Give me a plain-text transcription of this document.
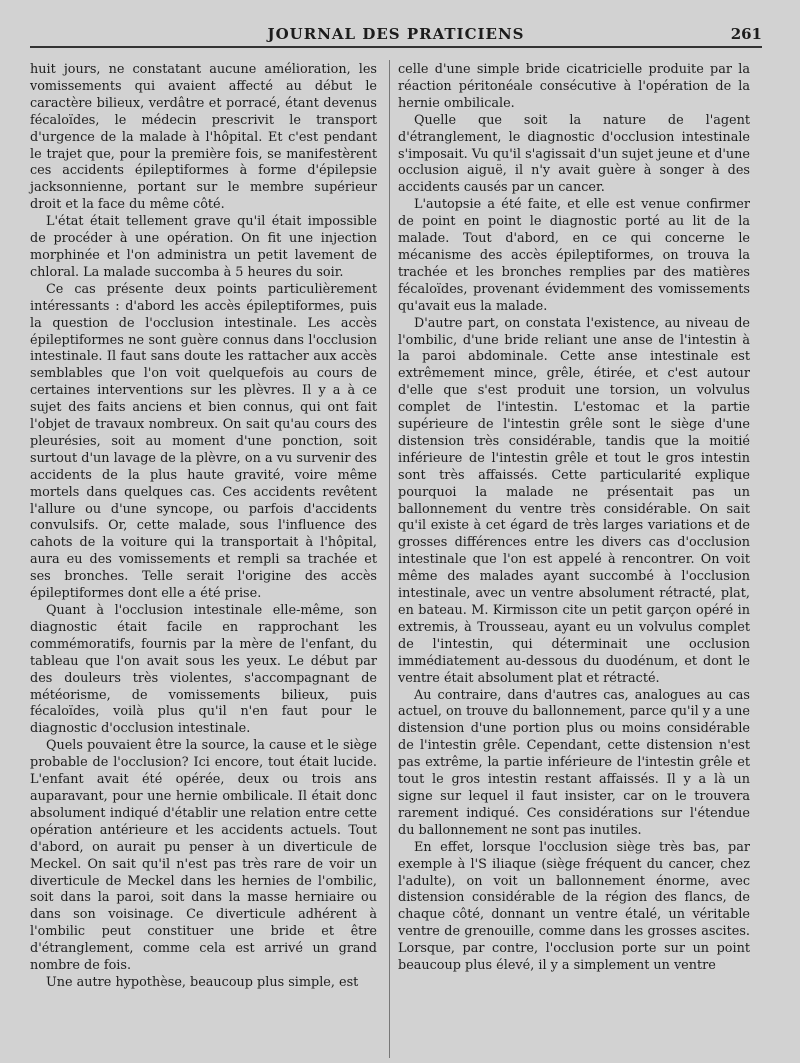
JOURNAL DES PRATICIENS	261

huit jours, ne constatant aucune amélioration, les vomissements qui avaient affecté au début le caractère bilieux, verdâtre et porracé, étant devenus fécaloïdes, le médecin prescrivit le transport d'urgence de la malade à l'hôpital. Et c'est pendant le trajet que, pour la première fois, se manifestèrent ces accidents épileptiformes à forme d'épilepsie jacksonnienne, portant sur le membre supérieur droit et la face du même côté.

L'état était tellement grave qu'il était impossible de procéder à une opération. On fit une injection morphinée et l'on administra un petit lavement de chloral. La malade succomba à 5 heures du soir.

Ce cas présente deux points particulièrement intéressants : d'abord les accès épileptiformes, puis la question de l'occlusion intestinale. Les accès épileptiformes ne sont guère connus dans l'occlusion intestinale. Il faut sans doute les rattacher aux accès semblables que l'on voit quelquefois au cours de certaines interventions sur les plèvres. Il y a à ce sujet des faits anciens et bien connus, qui ont fait l'objet de travaux nombreux. On sait qu'au cours des pleurésies, soit au moment d'une ponction, soit surtout d'un lavage de la plèvre, on a vu survenir des accidents de la plus haute gravité, voire même mortels dans quelques cas. Ces accidents revêtent l'allure ou d'une syncope, ou parfois d'accidents convulsifs. Or, cette malade, sous l'influence des cahots de la voiture qui la transportait à l'hôpital, aura eu des vomissements et rempli sa trachée et ses bronches. Telle serait l'origine des accès épileptiformes dont elle a été prise.

Quant à l'occlusion intestinale elle-même, son diagnostic était facile en rapprochant les commémoratifs, fournis par la mère de l'enfant, du tableau que l'on avait sous les yeux. Le début par des douleurs très violentes, s'accompagnant de météorisme, de vomissements bilieux, puis fécaloïdes, voilà plus qu'il n'en faut pour le diagnostic d'occlusion intestinale.

Quels pouvaient être la source, la cause et le siège probable de l'occlusion? Ici encore, tout était lucide. L'enfant avait été opérée, deux ou trois ans auparavant, pour une hernie ombilicale. Il était donc absolument indiqué d'établir une relation entre cette opération antérieure et les accidents actuels. Tout d'abord, on aurait pu penser à un diverticule de Meckel. On sait qu'il n'est pas très rare de voir un diverticule de Meckel dans les hernies de l'ombilic, soit dans la paroi, soit dans la masse herniaire ou dans son voisinage. Ce diverticule adhérent à l'ombilic peut constituer une bride et être d'étranglement, comme cela est arrivé un grand nombre de fois.

Une autre hypothèse, beaucoup plus simple, est

celle d'une simple bride cicatricielle produite par la réaction péritonéale consécutive à l'opération de la hernie ombilicale.

Quelle que soit la nature de l'agent d'étranglement, le diagnostic d'occlusion intestinale s'imposait. Vu qu'il s'agissait d'un sujet jeune et d'une occlusion aiguë, il n'y avait guère à songer à des accidents causés par un cancer.

L'autopsie a été faite, et elle est venue confirmer de point en point le diagnostic porté au lit de la malade. Tout d'abord, en ce qui concerne le mécanisme des accès épileptiformes, on trouva la trachée et les bronches remplies par des matières fécaloïdes, provenant évidemment des vomissements qu'avait eus la malade.

D'autre part, on constata l'existence, au niveau de l'ombilic, d'une bride reliant une anse de l'intestin à la paroi abdominale. Cette anse intestinale est extrêmement mince, grêle, étirée, et c'est autour d'elle que s'est produit une torsion, un volvulus complet de l'intestin. L'estomac et la partie supérieure de l'intestin grêle sont le siège d'une distension très considérable, tandis que la moitié inférieure de l'intestin grêle et tout le gros intestin sont très affaissés. Cette particularité explique pourquoi la malade ne présentait pas un ballonnement du ventre très considérable. On sait qu'il existe à cet égard de très larges variations et de grosses différences entre les divers cas d'occlusion intestinale que l'on est appelé à rencontrer. On voit même des malades ayant succombé à l'occlusion intestinale, avec un ventre absolument rétracté, plat, en bateau. M. Kirmisson cite un petit garçon opéré in extremis, à Trousseau, ayant eu un volvulus complet de l'intestin, qui déterminait une occlusion immédiatement au-dessous du duodénum, et dont le ventre était absolument plat et rétracté.

Au contraire, dans d'autres cas, analogues au cas actuel, on trouve du ballonnement, parce qu'il y a une distension d'une portion plus ou moins considérable de l'intestin grêle. Cependant, cette distension n'est pas extrême, la partie inférieure de l'intestin grêle et tout le gros intestin restant affaissés. Il y a là un signe sur lequel il faut insister, car on le trouvera rarement indiqué. Ces considérations sur l'étendue du ballonnement ne sont pas inutiles.

En effet, lorsque l'occlusion siège très bas, par exemple à l'S iliaque (siège fréquent du cancer, chez l'adulte), on voit un ballonnement énorme, avec distension considérable de la région des flancs, de chaque côté, donnant un ventre étalé, un véritable ventre de grenouille, comme dans les grosses ascites. Lorsque, par contre, l'occlusion porte sur un point beaucoup plus élevé, il y a simplement un ventre
